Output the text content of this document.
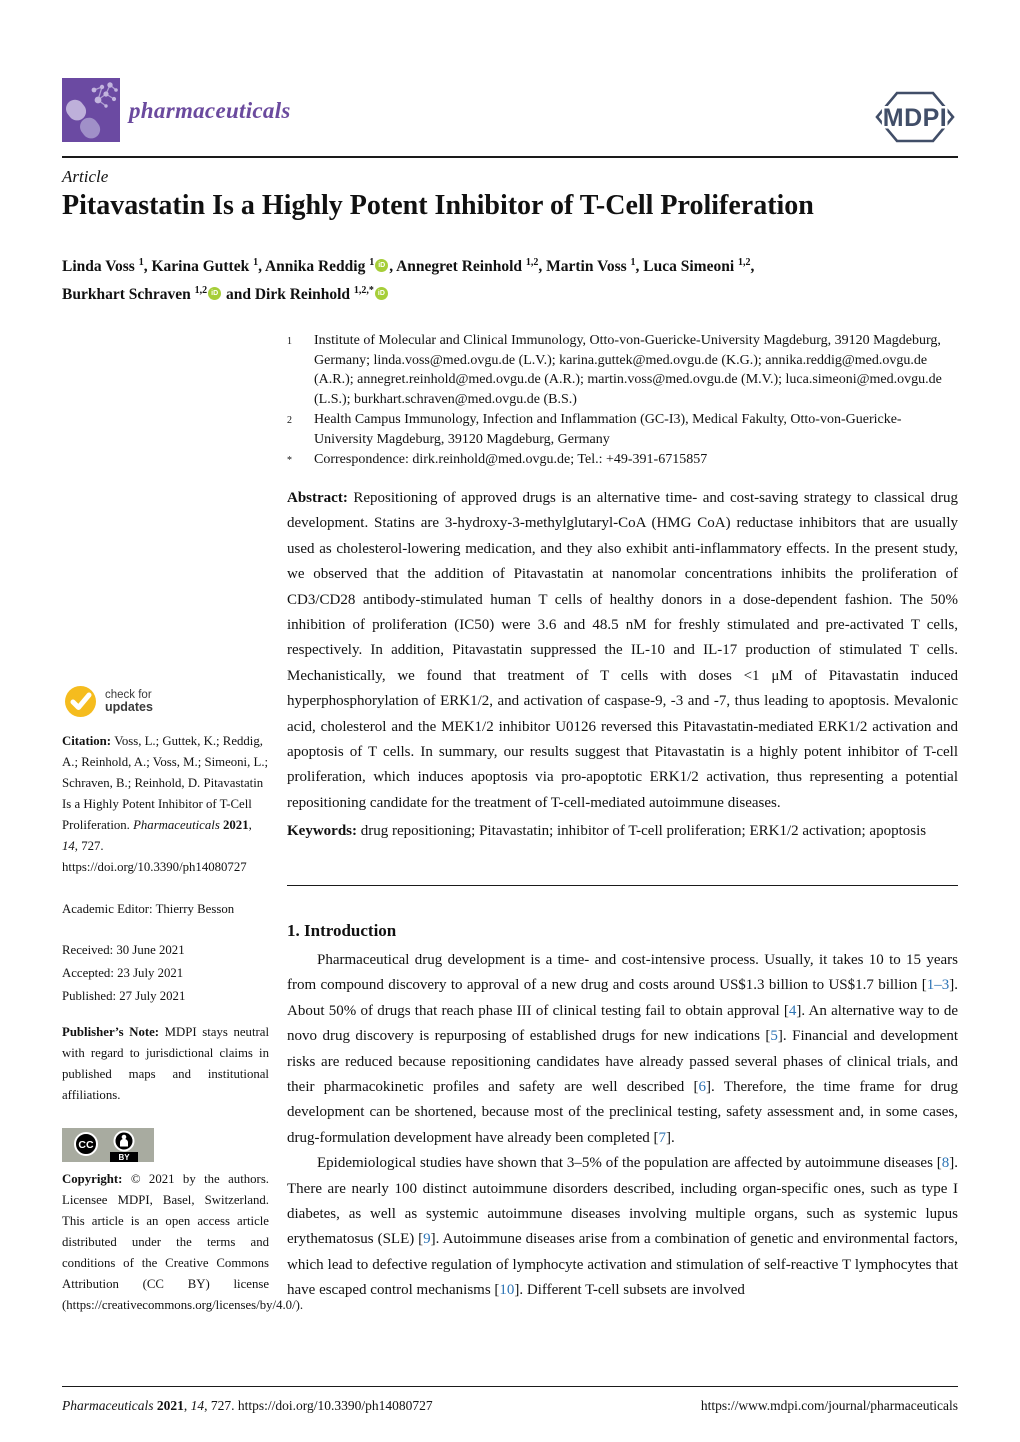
pharmaceuticals	MDPI
Article
Pitavastatin Is a Highly Potent Inhibitor of T-Cell Proliferation
Linda Voss $^1$, Karina Guttek $^1$, Annika Reddig $^1$ iD , Annegret Reinhold $^{1,2}$, Martin Voss $^1$, Luca Simeoni $^{1,2}$,
Burkhart Schraven $^{1,2}$ iD and Dirk Reinhold $^{1,2,*}$ iD
1	Institute of Molecular and Clinical Immunology, Otto-von-Guericke-University Magdeburg, 39120 Magdeburg, Germany; linda.voss@med.ovgu.de (L.V.); karina.guttek@med.ovgu.de (K.G.); annika.reddig@med.ovgu.de (A.R.); annegret.reinhold@med.ovgu.de (A.R.); martin.voss@med.ovgu.de (M.V.); luca.simeoni@med.ovgu.de (L.S.); burkhart.schraven@med.ovgu.de (B.S.)
2	Health Campus Immunology, Infection and Inflammation (GC-I3), Medical Fakulty, Otto-von-Guericke-University Magdeburg, 39120 Magdeburg, Germany
*	Correspondence: dirk.reinhold@med.ovgu.de; Tel.: +49-391-6715857

Abstract: Repositioning of approved drugs is an alternative time- and cost-saving strategy to classical drug development. Statins are 3-hydroxy-3-methylglutaryl-CoA (HMG CoA) reductase inhibitors that are usually used as cholesterol-lowering medication, and they also exhibit anti-inflammatory effects. In the present study, we observed that the addition of Pitavastatin at nanomolar concentrations inhibits the proliferation of CD3/CD28 antibody-stimulated human T cells of healthy donors in a dose-dependent fashion. The 50% inhibition of proliferation (IC50) were 3.6 and 48.5 nM for freshly stimulated and pre-activated T cells, respectively. In addition, Pitavastatin suppressed the IL-10 and IL-17 production of stimulated T cells. Mechanistically, we found that treatment of T cells with doses <1 μM of Pitavastatin induced hyperphosphorylation of ERK1/2, and activation of caspase-9, -3 and -7, thus leading to apoptosis. Mevalonic acid, cholesterol and the MEK1/2 inhibitor U0126 reversed this Pitavastatin-mediated ERK1/2 activation and apoptosis of T cells. In summary, our results suggest that Pitavastatin is a highly potent inhibitor of T-cell proliferation, which induces apoptosis via pro-apoptotic ERK1/2 activation, thus representing a potential repositioning candidate for the treatment of T-cell-mediated autoimmune diseases.

Keywords: drug repositioning; Pitavastatin; inhibitor of T-cell proliferation; ERK1/2 activation; apoptosis

1. Introduction

Pharmaceutical drug development is a time- and cost-intensive process. Usually, it takes 10 to 15 years from compound discovery to approval of a new drug and costs around US$1.3 billion to US$1.7 billion [1–3]. About 50% of drugs that reach phase III of clinical testing fail to obtain approval [4]. An alternative way to de novo drug discovery is repurposing of established drugs for new indications [5]. Financial and development risks are reduced because repositioning candidates have already passed several phases of clinical trials, and their pharmacokinetic profiles and safety are well described [6]. Therefore, the time frame for drug development can be shortened, because most of the preclinical testing, safety assessment and, in some cases, drug-formulation development have already been completed [7].

Epidemiological studies have shown that 3–5% of the population are affected by autoimmune diseases [8]. There are nearly 100 distinct autoimmune disorders described, including organ-specific ones, such as type I diabetes, as well as systemic autoimmune diseases involving multiple organs, such as systemic lupus erythematosus (SLE) [9]. Autoimmune diseases arise from a combination of genetic and environmental factors, which lead to defective regulation of lymphocyte activation and stimulation of self-reactive T lymphocytes that have escaped control mechanisms [10]. Different T-cell subsets are involved

check for
updates
Citation: Voss, L.; Guttek, K.; Reddig, A.; Reinhold, A.; Voss, M.; Simeoni, L.; Schraven, B.; Reinhold, D. Pitavastatin Is a Highly Potent Inhibitor of T-Cell Proliferation. Pharmaceuticals 2021, 14, 727. https://doi.org/10.3390/ph14080727
Academic Editor: Thierry Besson
Received: 30 June 2021
Accepted: 23 July 2021
Published: 27 July 2021
Publisher’s Note: MDPI stays neutral with regard to jurisdictional claims in published maps and institutional affiliations.
CC
BY
Copyright: © 2021 by the authors. Licensee MDPI, Basel, Switzerland. This article is an open access article distributed under the terms and conditions of the Creative Commons Attribution (CC BY) license (https://creativecommons.org/licenses/by/4.0/).
Pharmaceuticals 2021, 14, 727. https://doi.org/10.3390/ph14080727	https://www.mdpi.com/journal/pharmaceuticals
